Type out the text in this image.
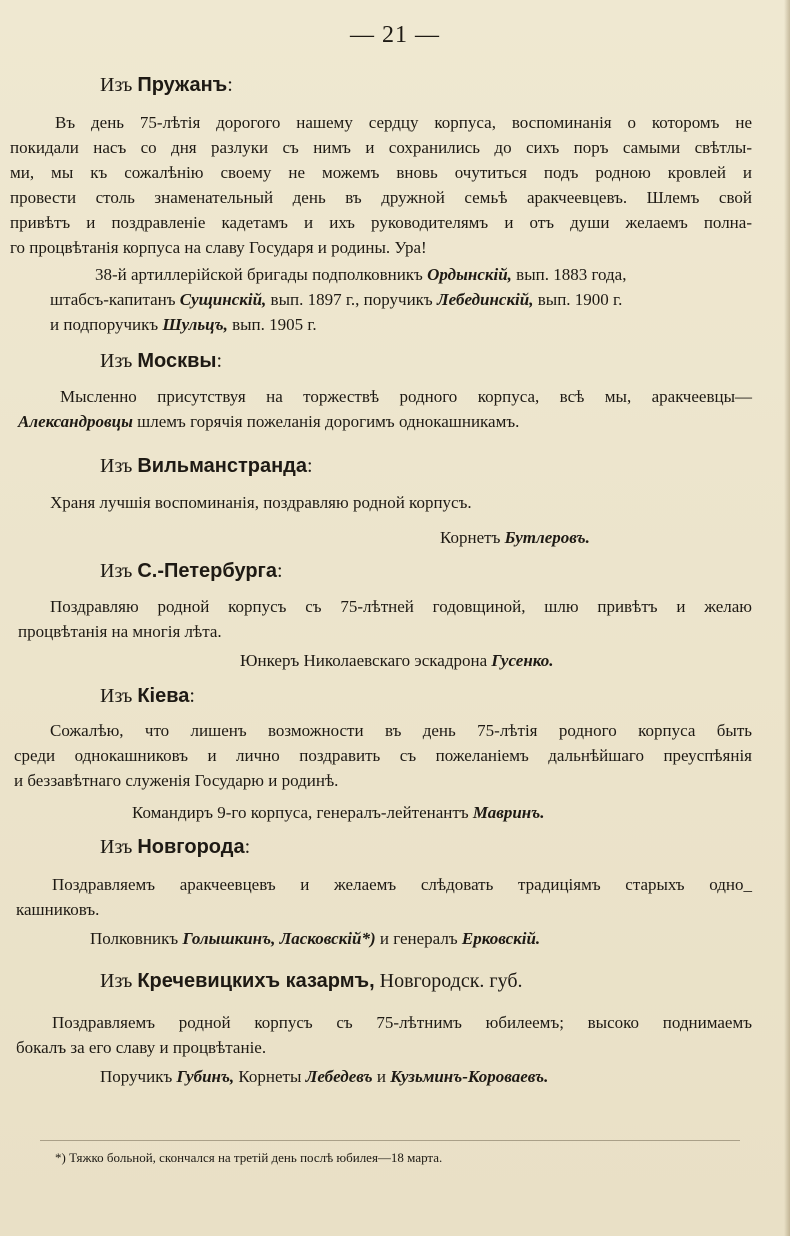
— 21 —

Изъ Пружанъ:

Въ день 75-лѣтія дорогого нашему сердцу корпуса, воспоминанія о которомъ не

покидали насъ со дня разлуки съ нимъ и сохранились до сихъ поръ самыми свѣтлы-

ми, мы къ сожалѣнію своему не можемъ вновь очутиться подъ родною кровлей и

провести столь знаменательный день въ дружной семьѣ аракчеевцевъ. Шлемъ свой

привѣтъ и поздравленіе кадетамъ и ихъ руководителямъ и отъ души желаемъ полна-

го процвѣтанія корпуса на славу Государя и родины. Ура!

38-й артиллерійской бригады подполковникъ Ордынскій, вып. 1883 года,

штабсъ-капитанъ Сущинскій, вып. 1897 г., поручикъ Лебединскій, вып. 1900 г.

и подпоручикъ Шульцъ, вып. 1905 г.

Изъ Москвы:

Мысленно присутствуя на торжествѣ родного корпуса, всѣ мы, аракчеевцы—

Александровцы шлемъ горячія пожеланія дорогимъ однокашникамъ.

Изъ Вильманстранда:

Храня лучшія воспоминанія, поздравляю родной корпусъ.

Корнетъ Бутлеровъ.

Изъ С.-Петербурга:

Поздравляю родной корпусъ съ 75-лѣтней годовщиной, шлю привѣтъ и желаю

процвѣтанія на многія лѣта.

Юнкеръ Николаевскаго эскадрона Гусенко.

Изъ Кіева:

Сожалѣю, что лишенъ возможности въ день 75-лѣтія родного корпуса быть

среди однокашниковъ и лично поздравить съ пожеланіемъ дальнѣйшаго преуспѣянія

и беззавѣтнаго служенія Государю и родинѣ.

Командиръ 9-го корпуса, генералъ-лейтенантъ Мавринъ.

Изъ Новгорода:

Поздравляемъ аракчеевцевъ и желаемъ слѣдовать традиціямъ старыхъ одно_

кашниковъ.

Полковникъ Голышкинъ, Ласковскій*) и генералъ Ерковскій.

Изъ Кречевицкихъ казармъ, Новгородск. губ.

Поздравляемъ родной корпусъ съ 75-лѣтнимъ юбилеемъ; высоко поднимаемъ

бокалъ за его славу и процвѣтаніе.

Поручикъ Губинъ, Корнеты Лебедевъ и Кузьминъ-Короваевъ.

*) Тяжко больной, скончался на третій день послѣ юбилея—18 марта.
